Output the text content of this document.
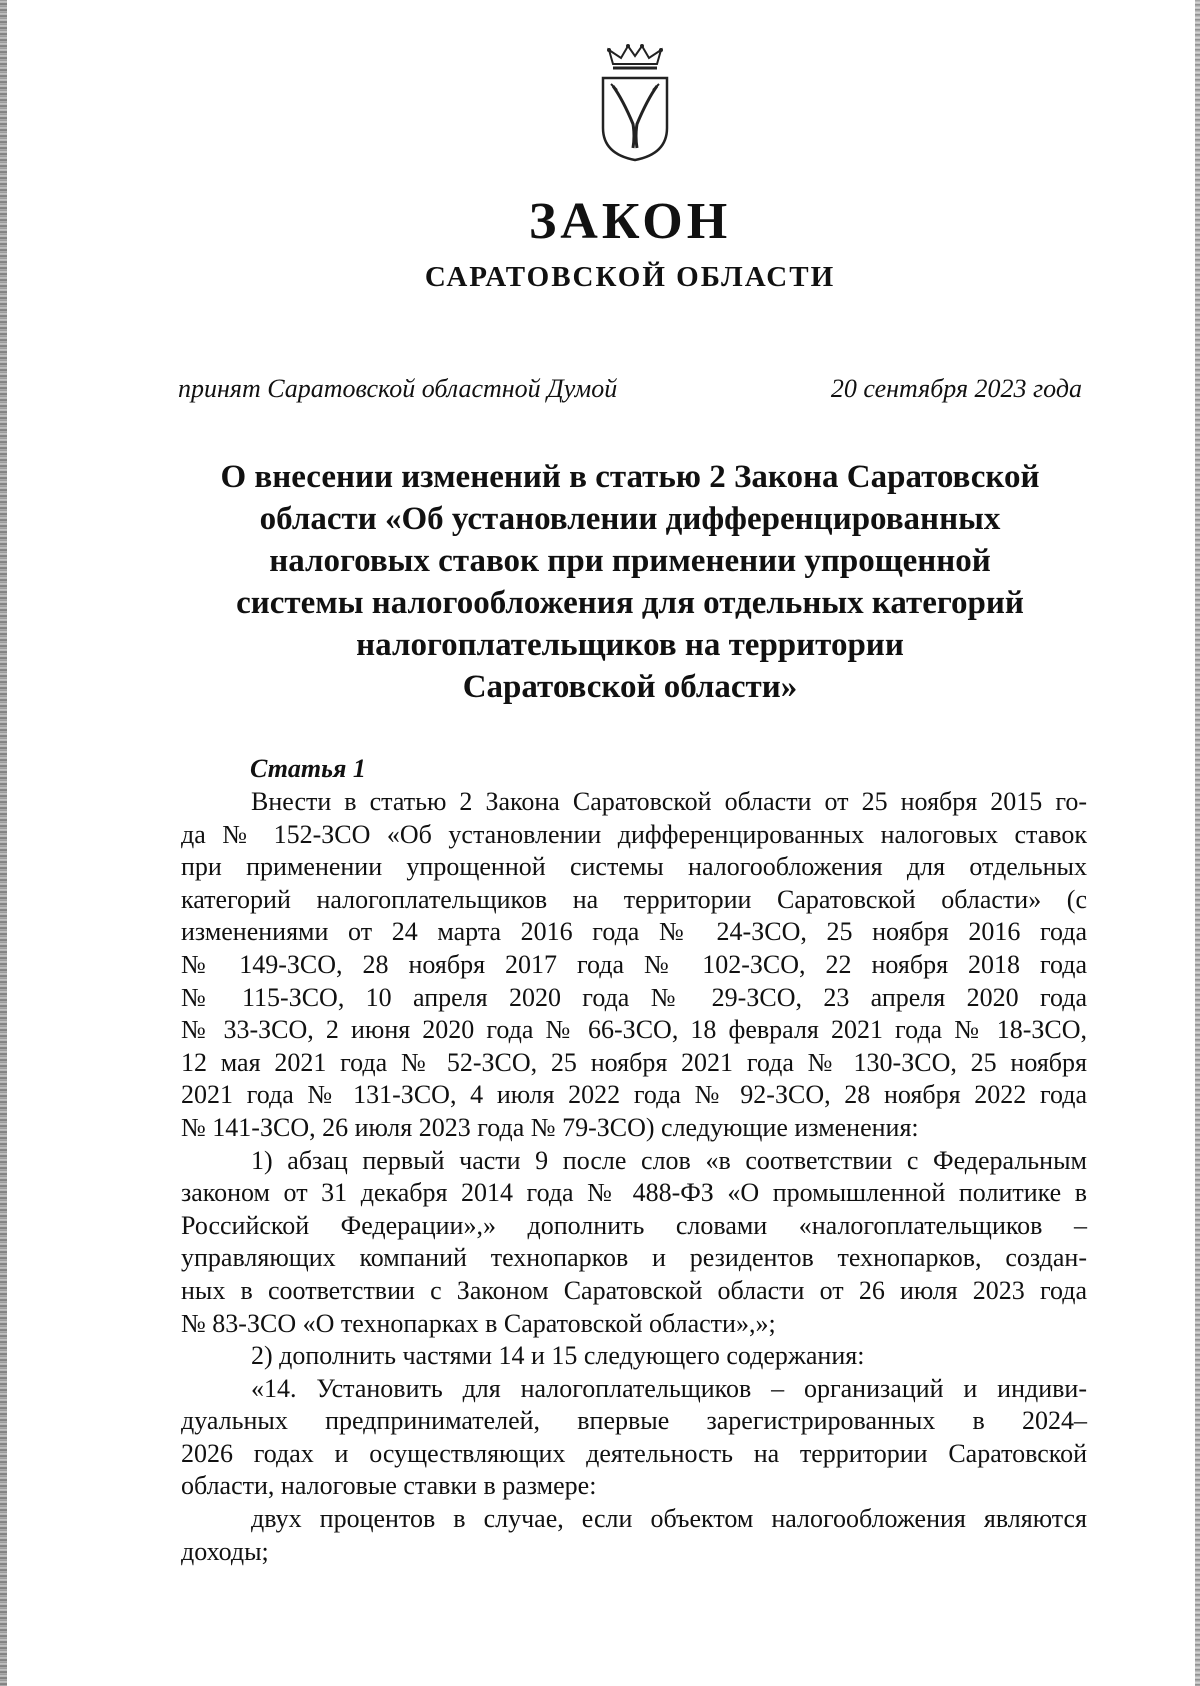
ЗАКОН
САРАТОВСКОЙ ОБЛАСТИ
принят Саратовской областной Думой	20 сентября 2023 года
О внесении изменений в статью 2 Закона Саратовской
области «Об установлении дифференцированных
налоговых ставок при применении упрощенной
системы налогообложения для отдельных категорий
налогоплательщиков на территории
Саратовской области»
Статья 1
Внести в статью 2 Закона Саратовской области от 25 ноября 2015 го-
да № 152-ЗСО «Об установлении дифференцированных налоговых ставок
при применении упрощенной системы налогообложения для отдельных
категорий налогоплательщиков на территории Саратовской области» (с
изменениями от 24 марта 2016 года № 24-ЗСО, 25 ноября 2016 года
№ 149-ЗСО, 28 ноября 2017 года № 102-ЗСО, 22 ноября 2018 года
№ 115-ЗСО, 10 апреля 2020 года № 29-ЗСО, 23 апреля 2020 года
№ 33-ЗСО, 2 июня 2020 года № 66-ЗСО, 18 февраля 2021 года № 18-ЗСО,
12 мая 2021 года № 52-ЗСО, 25 ноября 2021 года № 130-ЗСО, 25 ноября
2021 года № 131-ЗСО, 4 июля 2022 года № 92-ЗСО, 28 ноября 2022 года
№ 141-ЗСО, 26 июля 2023 года № 79-ЗСО) следующие изменения:
1) абзац первый части 9 после слов «в соответствии с Федеральным
законом от 31 декабря 2014 года № 488-ФЗ «О промышленной политике в
Российской Федерации»,» дополнить словами «налогоплательщиков –
управляющих компаний технопарков и резидентов технопарков, создан-
ных в соответствии с Законом Саратовской области от 26 июля 2023 года
№ 83-ЗСО «О технопарках в Саратовской области»,»;
2) дополнить частями 14 и 15 следующего содержания:
«14. Установить для налогоплательщиков – организаций и индиви-
дуальных предпринимателей, впервые зарегистрированных в 2024–
2026 годах и осуществляющих деятельность на территории Саратовской
области, налоговые ставки в размере:
двух процентов в случае, если объектом налогообложения являются
доходы;
